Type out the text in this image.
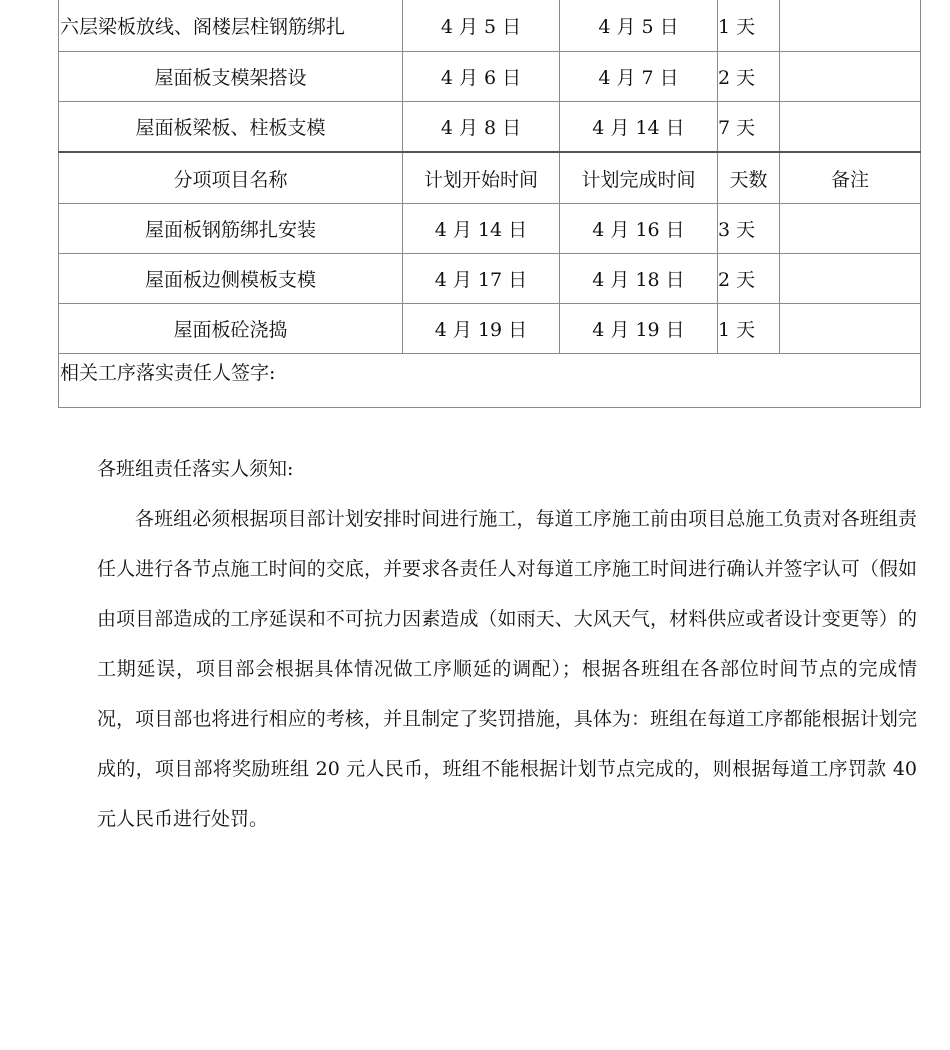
六层梁板放线、阁楼层柱钢筋绑扎	4 月 5 日	4 月 5 日	1 天	
屋面板支模架搭设	4 月 6 日	4 月 7 日	2 天	
屋面板梁板、柱板支模	4 月 8 日	4 月 14 日	7 天	
分项项目名称	计划开始时间	计划完成时间	天数	备注
屋面板钢筋绑扎安装	4 月 14 日	4 月 16 日	3 天	
屋面板边侧模板支模	4 月 17 日	4 月 18 日	2 天	
屋面板砼浇捣	4 月 19 日	4 月 19 日	1 天	
相关工序落实责任人签字:				

各班组责任落实人须知:

各班组必须根据项目部计划安排时间进行施工，每道工序施工前由项目总施工负责对各班组责任人进行各节点施工时间的交底，并要求各责任人对每道工序施工时间进行确认并签字认可（假如由项目部造成的工序延误和不可抗力因素造成（如雨天、大风天气，材料供应或者设计变更等）的工期延误，项目部会根据具体情况做工序顺延的调配）；根据各班组在各部位时间节点的完成情况，项目部也将进行相应的考核，并且制定了奖罚措施，具体为：班组在每道工序都能根据计划完成的，项目部将奖励班组 20 元人民币，班组不能根据计划节点完成的，则根据每道工序罚款 40 元人民币进行处罚。
